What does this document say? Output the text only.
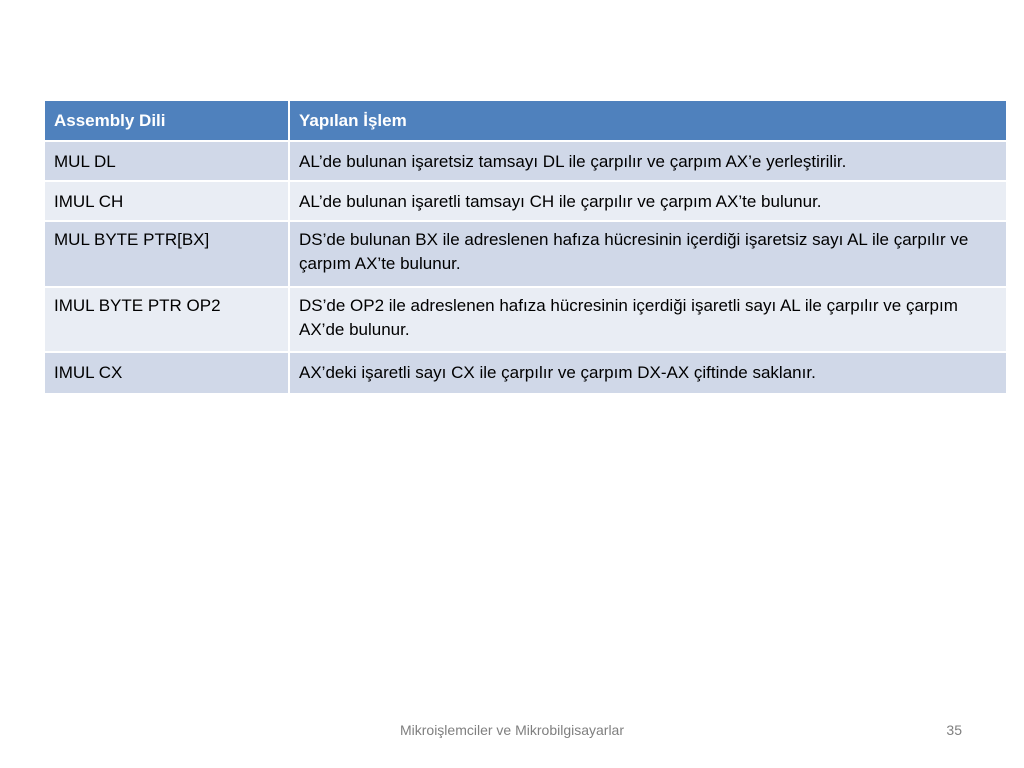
Assembly Dili	Yapılan İşlem
MUL DL	AL’de bulunan işaretsiz tamsayı DL ile çarpılır ve çarpım AX’e yerleştirilir.
IMUL CH	AL’de bulunan işaretli tamsayı CH ile çarpılır ve çarpım AX’te bulunur.
MUL BYTE PTR[BX]	DS’de bulunan BX ile adreslenen hafıza hücresinin içerdiği işaretsiz sayı AL ile çarpılır ve çarpım AX’te bulunur.
IMUL BYTE PTR OP2	DS’de OP2 ile adreslenen hafıza hücresinin içerdiği işaretli sayı AL ile çarpılır ve çarpım AX’de bulunur.
IMUL CX	AX’deki işaretli sayı CX ile çarpılır ve çarpım DX-AX çiftinde saklanır.
Mikroişlemciler ve Mikrobilgisayarlar	35
